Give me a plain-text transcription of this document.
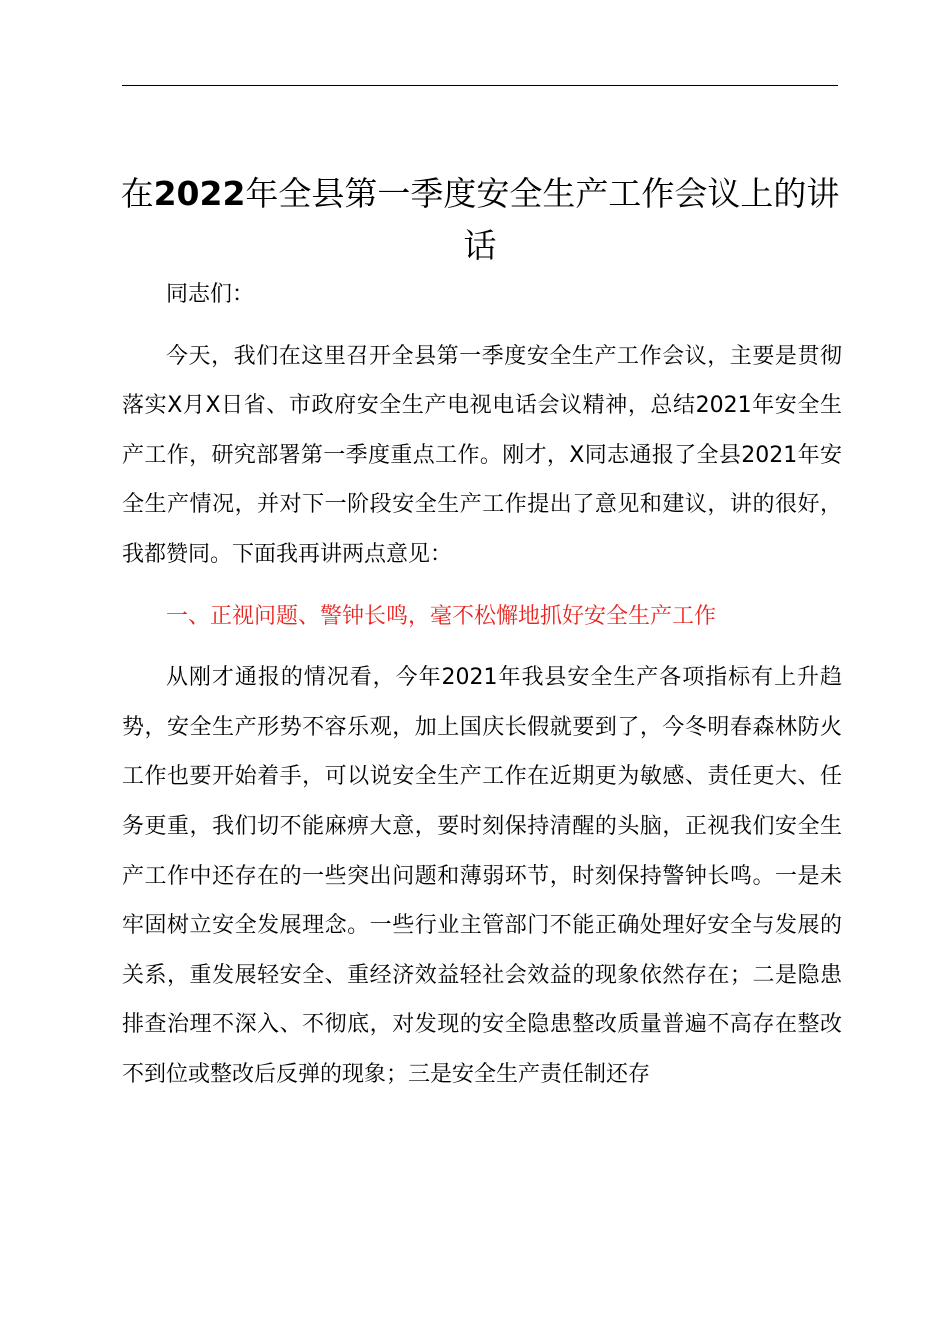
在2022年全县第一季度安全生产工作会议上的讲话

同志们：

今天，我们在这里召开全县第一季度安全生产工作会议，主要是贯彻落实X月X日省、市政府安全生产电视电话会议精神，总结2021年安全生产工作，研究部署第一季度重点工作。刚才，X同志通报了全县2021年安全生产情况，并对下一阶段安全生产工作提出了意见和建议，讲的很好，我都赞同。下面我再讲两点意见：

一、正视问题、警钟长鸣，毫不松懈地抓好安全生产工作

从刚才通报的情况看，今年2021年我县安全生产各项指标有上升趋势，安全生产形势不容乐观，加上国庆长假就要到了，今冬明春森林防火工作也要开始着手，可以说安全生产工作在近期更为敏感、责任更大、任务更重，我们切不能麻痹大意，要时刻保持清醒的头脑，正视我们安全生产工作中还存在的一些突出问题和薄弱环节，时刻保持警钟长鸣。一是未牢固树立安全发展理念。一些行业主管部门不能正确处理好安全与发展的关系，重发展轻安全、重经济效益轻社会效益的现象依然存在；二是隐患排查治理不深入、不彻底，对发现的安全隐患整改质量普遍不高存在整改不到位或整改后反弹的现象；三是安全生产责任制还存
